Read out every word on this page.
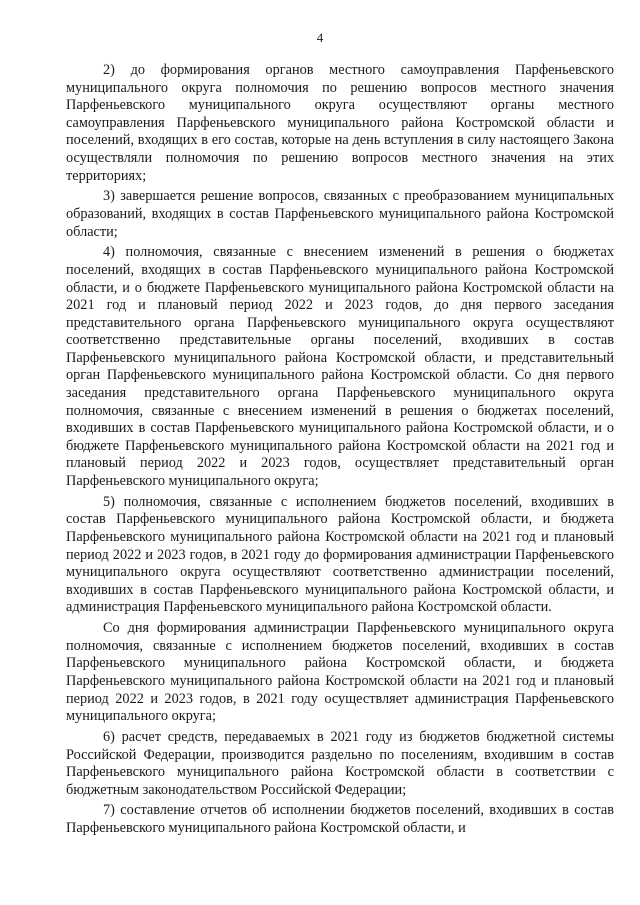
4

2) до формирования органов местного самоуправления Парфеньевского муниципального округа полномочия по решению вопросов местного значения Парфеньевского муниципального округа осуществляют органы местного самоуправления Парфеньевского муниципального района Костромской области и поселений, входящих в его состав, которые на день вступления в силу настоящего Закона осуществляли полномочия по решению вопросов местного значения на этих территориях;

3) завершается решение вопросов, связанных с преобразованием муниципальных образований, входящих в состав Парфеньевского муниципального района Костромской области;

4) полномочия, связанные с внесением изменений в решения о бюджетах поселений, входящих в состав Парфеньевского муниципального района Костромской области, и о бюджете Парфеньевского муниципального района Костромской области на 2021 год и плановый период 2022 и 2023 годов, до дня первого заседания представительного органа Парфеньевского муниципального округа осуществляют соответственно представительные органы поселений, входивших в состав Парфеньевского муниципального района Костромской области, и представительный орган Парфеньевского муниципального района Костромской области. Со дня первого заседания представительного органа Парфеньевского муниципального округа полномочия, связанные с внесением изменений в решения о бюджетах поселений, входивших в состав Парфеньевского муниципального района Костромской области, и о бюджете Парфеньевского муниципального района Костромской области на 2021 год и плановый период 2022 и 2023 годов, осуществляет представительный орган Парфеньевского муниципального округа;

5) полномочия, связанные с исполнением бюджетов поселений, входивших в состав Парфеньевского муниципального района Костромской области, и бюджета Парфеньевского муниципального района Костромской области на 2021 год и плановый период 2022 и 2023 годов, в 2021 году до формирования администрации Парфеньевского муниципального округа осуществляют соответственно администрации поселений, входивших в состав Парфеньевского муниципального района Костромской области, и администрация Парфеньевского муниципального района Костромской области.

Со дня формирования администрации Парфеньевского муниципального округа полномочия, связанные с исполнением бюджетов поселений, входивших в состав Парфеньевского муниципального района Костромской области, и бюджета Парфеньевского муниципального района Костромской области на 2021 год и плановый период 2022 и 2023 годов, в 2021 году осуществляет администрация Парфеньевского муниципального округа;

6) расчет средств, передаваемых в 2021 году из бюджетов бюджетной системы Российской Федерации, производится раздельно по поселениям, входившим в состав Парфеньевского муниципального района Костромской области в соответствии с бюджетным законодательством Российской Федерации;

7) составление отчетов об исполнении бюджетов поселений, входивших в состав Парфеньевского муниципального района Костромской области, и
